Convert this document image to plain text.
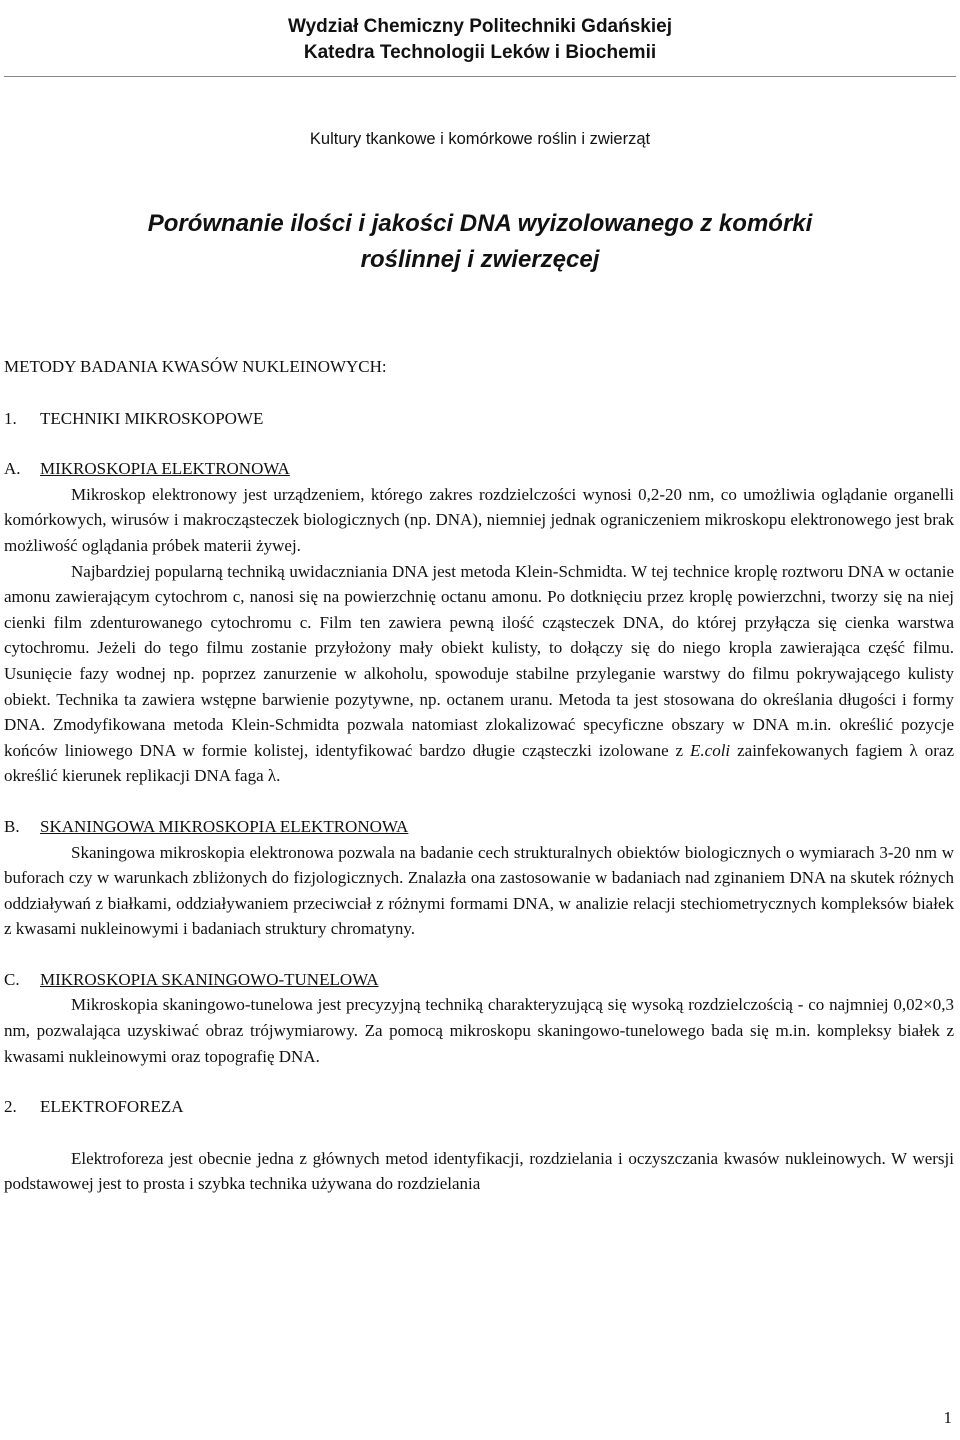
Wydział Chemiczny Politechniki Gdańskiej
Katedra Technologii Leków i Biochemii
Kultury tkankowe i komórkowe roślin i zwierząt
Porównanie ilości i jakości DNA wyizolowanego z komórki
roślinnej i zwierzęcej

METODY BADANIA KWASÓW NUKLEINOWYCH:

1. TECHNIKI MIKROSKOPOWE

A. MIKROSKOPIA ELEKTRONOWA

Mikroskop elektronowy jest urządzeniem, którego zakres rozdzielczości wynosi 0,2-20 nm, co umożliwia oglądanie organelli komórkowych, wirusów i makrocząsteczek biologicznych (np. DNA), niemniej jednak ograniczeniem mikroskopu elektronowego jest brak możliwość oglądania próbek materii żywej.

Najbardziej popularną techniką uwidaczniania DNA jest metoda Klein-Schmidta. W tej technice kroplę roztworu DNA w octanie amonu zawierającym cytochrom c, nanosi się na powierzchnię octanu amonu. Po dotknięciu przez kroplę powierzchni, tworzy się na niej cienki film zdenturowanego cytochromu c. Film ten zawiera pewną ilość cząsteczek DNA, do której przyłącza się cienka warstwa cytochromu. Jeżeli do tego filmu zostanie przyłożony mały obiekt kulisty, to dołączy się do niego kropla zawierająca część filmu. Usunięcie fazy wodnej np. poprzez zanurzenie w alkoholu, spowoduje stabilne przyleganie warstwy do filmu pokrywającego kulisty obiekt. Technika ta zawiera wstępne barwienie pozytywne, np. octanem uranu. Metoda ta jest stosowana do określania długości i formy DNA. Zmodyfikowana metoda Klein-Schmidta pozwala natomiast zlokalizować specyficzne obszary w DNA m.in. określić pozycje końców liniowego DNA w formie kolistej, identyfikować bardzo długie cząsteczki izolowane z E.coli zainfekowanych fagiem λ oraz określić kierunek replikacji DNA faga λ.

B. SKANINGOWA MIKROSKOPIA ELEKTRONOWA

Skaningowa mikroskopia elektronowa pozwala na badanie cech strukturalnych obiektów biologicznych o wymiarach 3-20 nm w buforach czy w warunkach zbliżonych do fizjologicznych. Znalazła ona zastosowanie w badaniach nad zginaniem DNA na skutek różnych oddziaływań z białkami, oddziaływaniem przeciwciał z różnymi formami DNA, w analizie relacji stechiometrycznych kompleksów białek z kwasami nukleinowymi i badaniach struktury chromatyny.

C. MIKROSKOPIA SKANINGOWO-TUNELOWA

Mikroskopia skaningowo-tunelowa jest precyzyjną techniką charakteryzującą się wysoką rozdzielczością - co najmniej 0,02×0,3 nm, pozwalająca uzyskiwać obraz trójwymiarowy. Za pomocą mikroskopu skaningowo-tunelowego bada się m.in. kompleksy białek z kwasami nukleinowymi oraz topografię DNA.

2. ELEKTROFOREZA

Elektroforeza jest obecnie jedna z głównych metod identyfikacji, rozdzielania i oczyszczania kwasów nukleinowych. W wersji podstawowej jest to prosta i szybka technika używana do rozdzielania

1
